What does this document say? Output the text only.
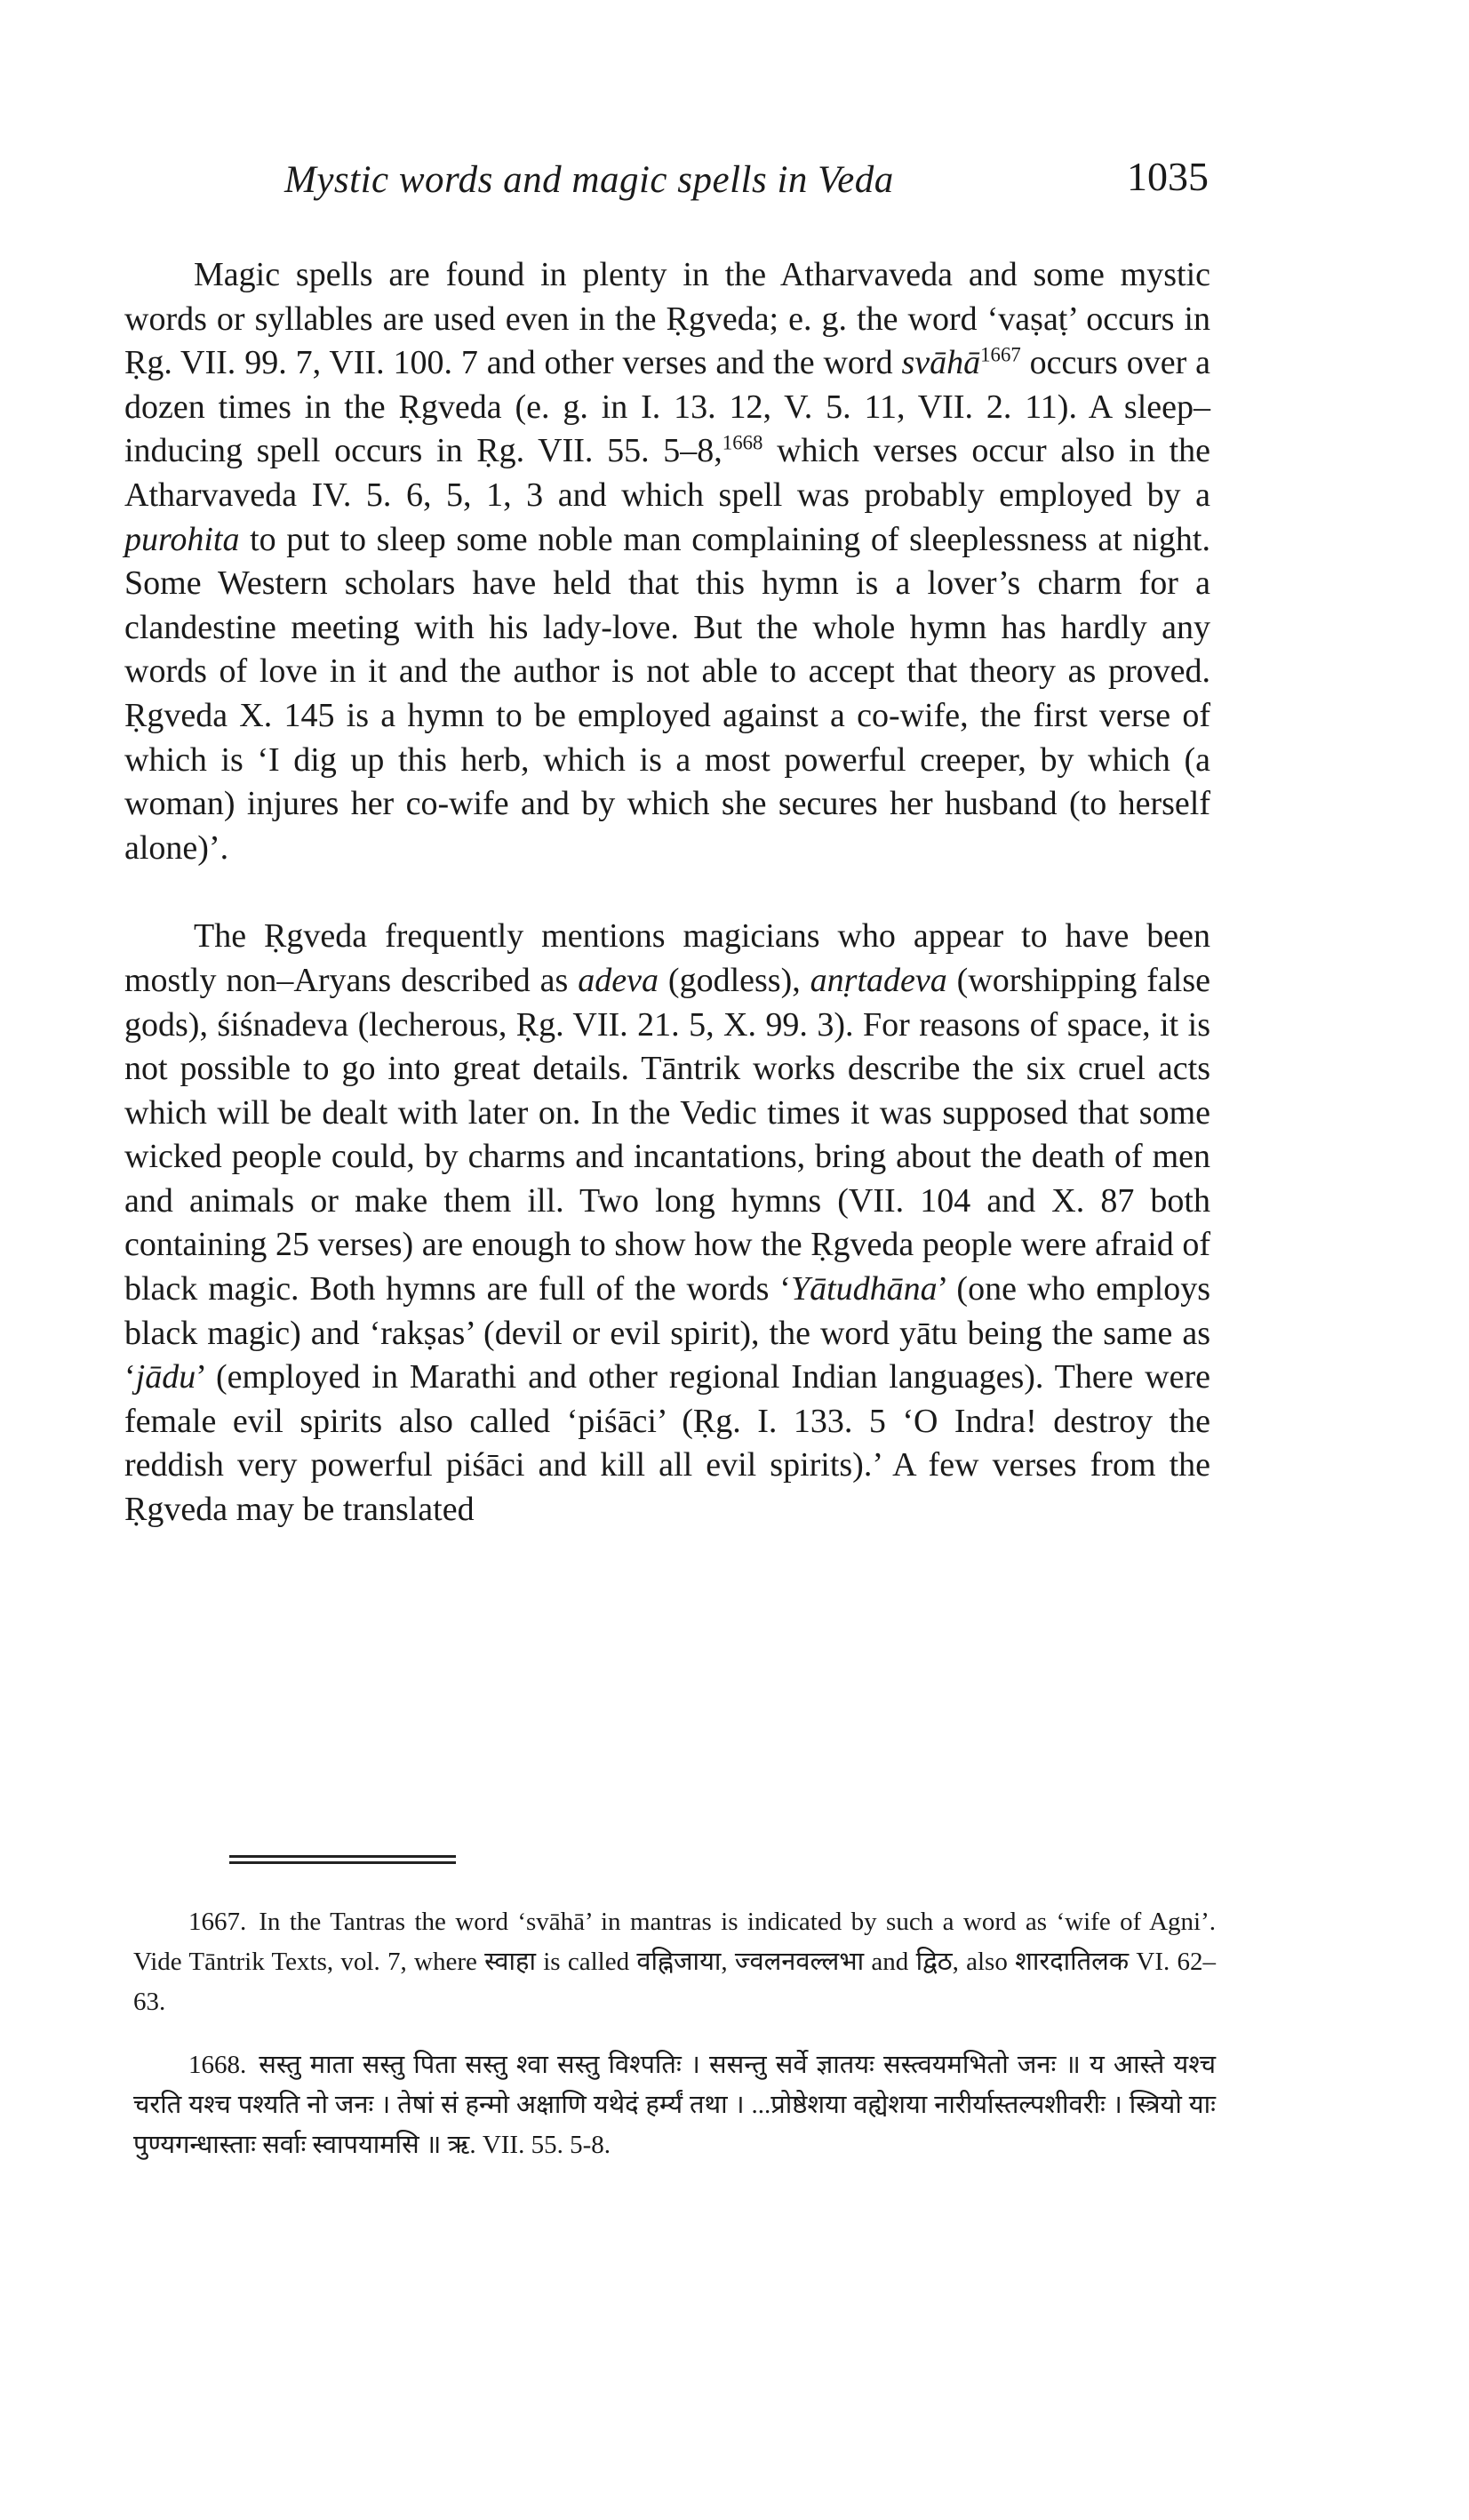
Mystic words and magic spells in Veda	1035

Magic spells are found in plenty in the Atharvaveda and some mystic words or syllables are used even in the Ṛgveda; e. g. the word ‘vaṣaṭ’ occurs in Ṛg. VII. 99. 7, VII. 100. 7 and other verses and the word svāhā$^{1667}$ occurs over a dozen times in the Ṛgveda (e. g. in I. 13. 12, V. 5. 11, VII. 2. 11). A sleep–inducing spell occurs in Ṛg. VII. 55. 5–8,$^{1668}$ which verses occur also in the Atharvaveda IV. 5. 6, 5, 1, 3 and which spell was probably employed by a purohita to put to sleep some noble man complaining of sleeplessness at night. Some Western scholars have held that this hymn is a lover’s charm for a clandestine meeting with his lady-love. But the whole hymn has hardly any words of love in it and the author is not able to accept that theory as proved. Ṛgveda X. 145 is a hymn to be employed against a co-wife, the first verse of which is ‘I dig up this herb, which is a most powerful creeper, by which (a woman) injures her co-wife and by which she secures her husband (to herself alone)’.

The Ṛgveda frequently mentions magicians who appear to have been mostly non–Aryans described as adeva (godless), anṛtadeva (worshipping false gods), śiśnadeva (lecherous, Ṛg. VII. 21. 5, X. 99. 3). For reasons of space, it is not possible to go into great details. Tāntrik works describe the six cruel acts which will be dealt with later on. In the Vedic times it was supposed that some wicked people could, by charms and incantations, bring about the death of men and animals or make them ill. Two long hymns (VII. 104 and X. 87 both containing 25 verses) are enough to show how the Ṛgveda people were afraid of black magic. Both hymns are full of the words ‘Yātudhāna’ (one who employs black magic) and ‘rakṣas’ (devil or evil spirit), the word yātu being the same as ‘jādu’ (employed in Marathi and other regional Indian languages). There were female evil spirits also called ‘piśāci’ (Ṛg. I. 133. 5 ‘O Indra! destroy the reddish very powerful piśāci and kill all evil spirits).’ A few verses from the Ṛgveda may be translated

1667. In the Tantras the word ‘svāhā’ in mantras is indicated by such a word as ‘wife of Agni’. Vide Tāntrik Texts, vol. 7, where स्वाहा is called वह्निजाया, ज्वलनवल्लभा and द्विठ, also शारदातिलक VI. 62–63.

1668. सस्तु माता सस्तु पिता सस्तु श्वा सस्तु विश्पतिः । ससन्तु सर्वे ज्ञातयः सस्त्वयमभितो जनः ॥ य आस्ते यश्च चरति यश्च पश्यति नो जनः । तेषां सं हन्मो अक्षाणि यथेदं हर्म्यं तथा । ...प्रोष्ठेशया वह्येशया नारीर्यास्तल्पशीवरीः । स्त्रियो याः पुण्यगन्धास्ताः सर्वाः स्वापयामसि ॥ ऋ. VII. 55. 5-8.
